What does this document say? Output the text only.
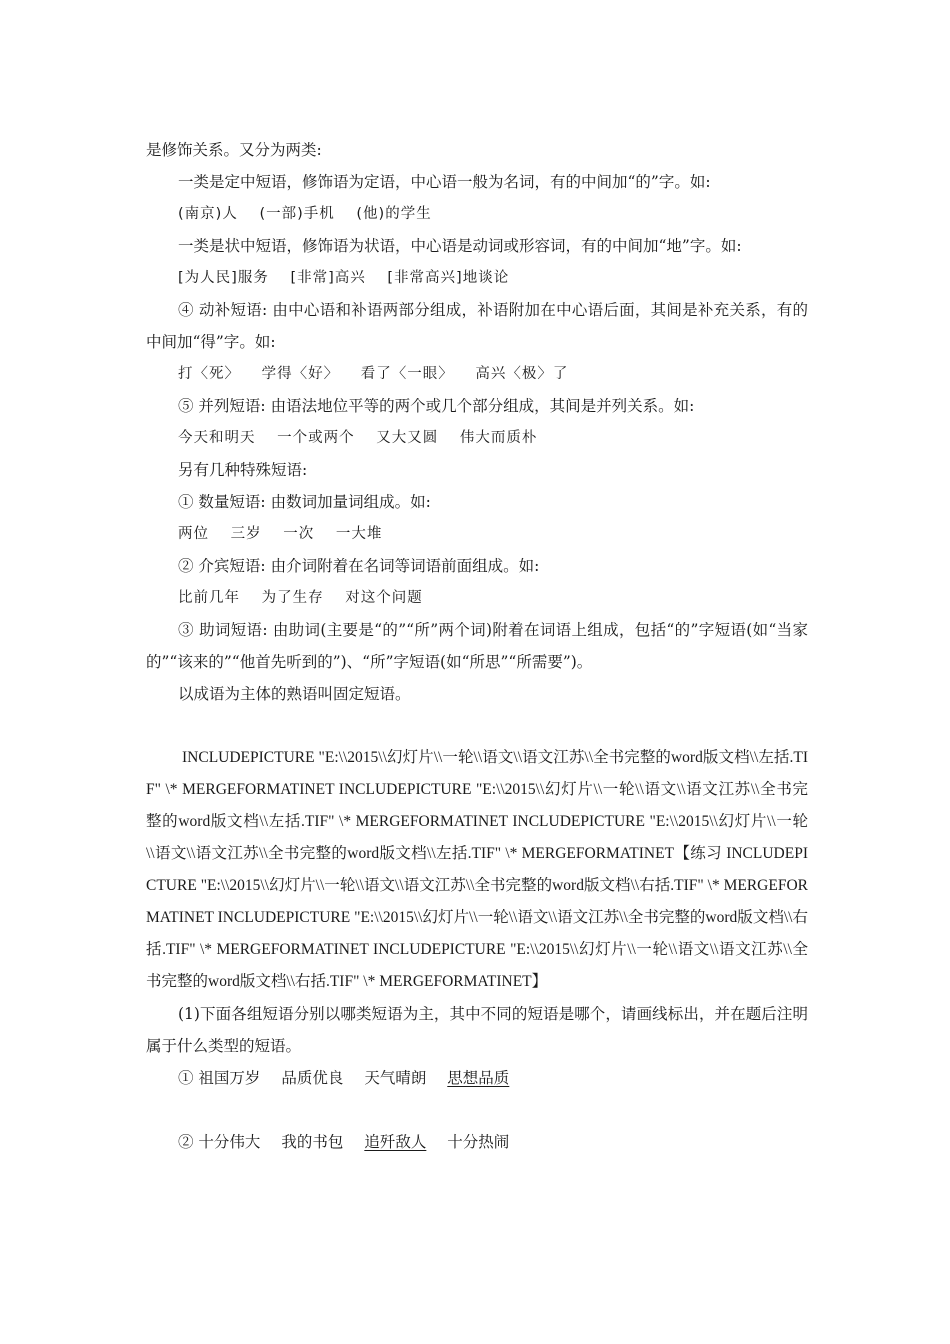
是修饰关系。又分为两类:
一类是定中短语，修饰语为定语，中心语一般为名词，有的中间加“的”字。如:
(南京)人 (一部)手机 (他)的学生
一类是状中短语，修饰语为状语，中心语是动词或形容词，有的中间加“地”字。如:
[为人民]服务 [非常]高兴 [非常高兴]地谈论
④ 动补短语: 由中心语和补语两部分组成，补语附加在中心语后面，其间是补充关系，有的中间加“得”字。如:
打〈死〉 学得〈好〉 看了〈一眼〉 高兴〈极〉了
⑤ 并列短语: 由语法地位平等的两个或几个部分组成，其间是并列关系。如:
今天和明天 一个或两个 又大又圆 伟大而质朴
另有几种特殊短语:
① 数量短语: 由数词加量词组成。如:
两位 三岁 一次 一大堆
② 介宾短语: 由介词附着在名词等词语前面组成。如:
比前几年 为了生存 对这个问题
③ 助词短语: 由助词(主要是“的”“所”两个词)附着在词语上组成，包括“的”字短语(如“当家的”“该来的”“他首先听到的”)、“所”字短语(如“所思”“所需要”)。
以成语为主体的熟语叫固定短语。
INCLUDEPICTURE "E:\\2015\\幻灯片\\一轮\\语文\\语文江苏\\全书完整的word版文档\\左括.TIF" \* MERGEFORMATINET INCLUDEPICTURE "E:\\2015\\幻灯片\\一轮\\语文\\语文江苏\\全书完整的word版文档\\左括.TIF" \* MERGEFORMATINET INCLUDEPICTURE "E:\\2015\\幻灯片\\一轮\\语文\\语文江苏\\全书完整的word版文档\\左括.TIF" \* MERGEFORMATINET【练习 INCLUDEPICTURE "E:\\2015\\幻灯片\\一轮\\语文\\语文江苏\\全书完整的word版文档\\右括.TIF" \* MERGEFORMATINET INCLUDEPICTURE "E:\\2015\\幻灯片\\一轮\\语文\\语文江苏\\全书完整的word版文档\\右括.TIF" \* MERGEFORMATINET INCLUDEPICTURE "E:\\2015\\幻灯片\\一轮\\语文\\语文江苏\\全书完整的word版文档\\右括.TIF" \* MERGEFORMATINET】
(1)下面各组短语分别以哪类短语为主，其中不同的短语是哪个，请画线标出，并在题后注明属于什么类型的短语。
① 祖国万岁 品质优良 天气晴朗 思想品质
② 十分伟大 我的书包 追歼敌人 十分热闹
